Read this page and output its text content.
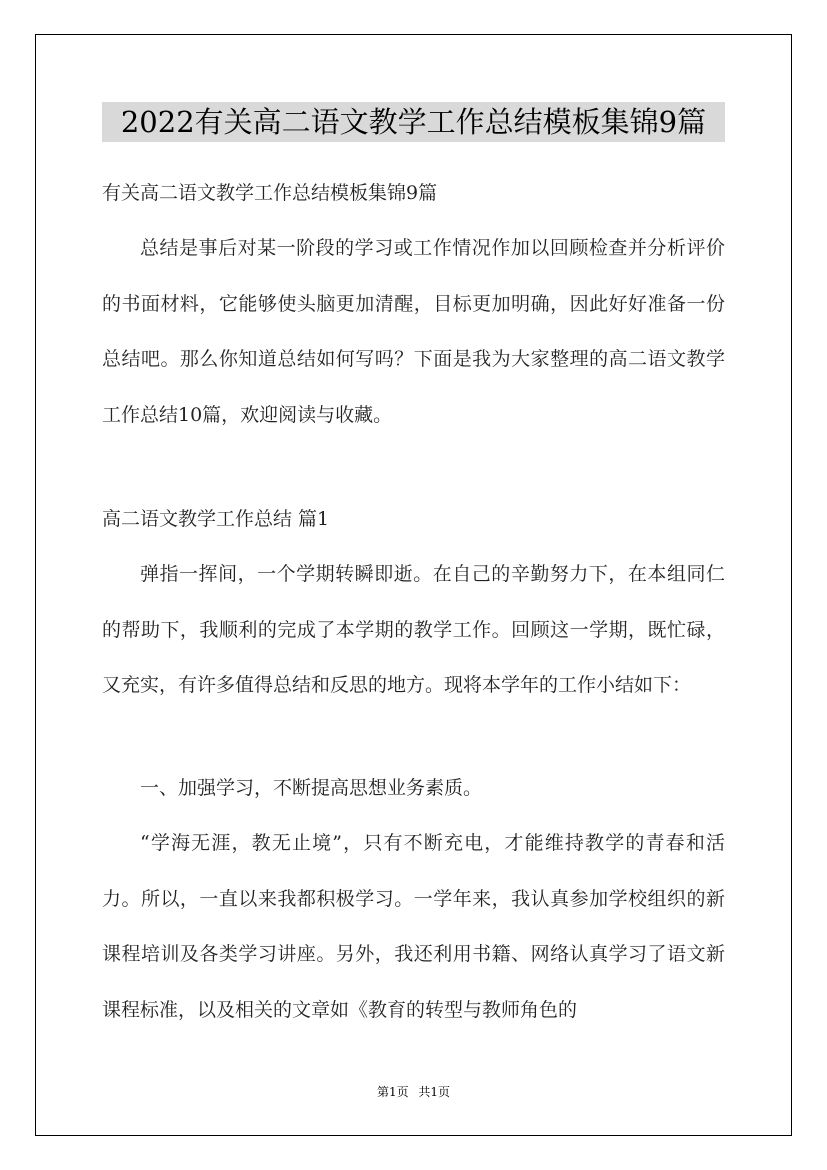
2022有关高二语文教学工作总结模板集锦9篇

有关高二语文教学工作总结模板集锦9篇

总结是事后对某一阶段的学习或工作情况作加以回顾检查并分析评价的书面材料，它能够使头脑更加清醒，目标更加明确，因此好好准备一份总结吧。那么你知道总结如何写吗？下面是我为大家整理的高二语文教学工作总结10篇，欢迎阅读与收藏。

高二语文教学工作总结 篇1

弹指一挥间，一个学期转瞬即逝。在自己的辛勤努力下，在本组同仁的帮助下，我顺利的完成了本学期的教学工作。回顾这一学期，既忙碌，又充实，有许多值得总结和反思的地方。现将本学年的工作小结如下：

一、加强学习，不断提高思想业务素质。

“学海无涯，教无止境”，只有不断充电，才能维持教学的青春和活力。所以，一直以来我都积极学习。一学年来，我认真参加学校组织的新课程培训及各类学习讲座。另外，我还利用书籍、网络认真学习了语文新课程标准，以及相关的文章如《教育的转型与教师角色的

第1页 共1页
